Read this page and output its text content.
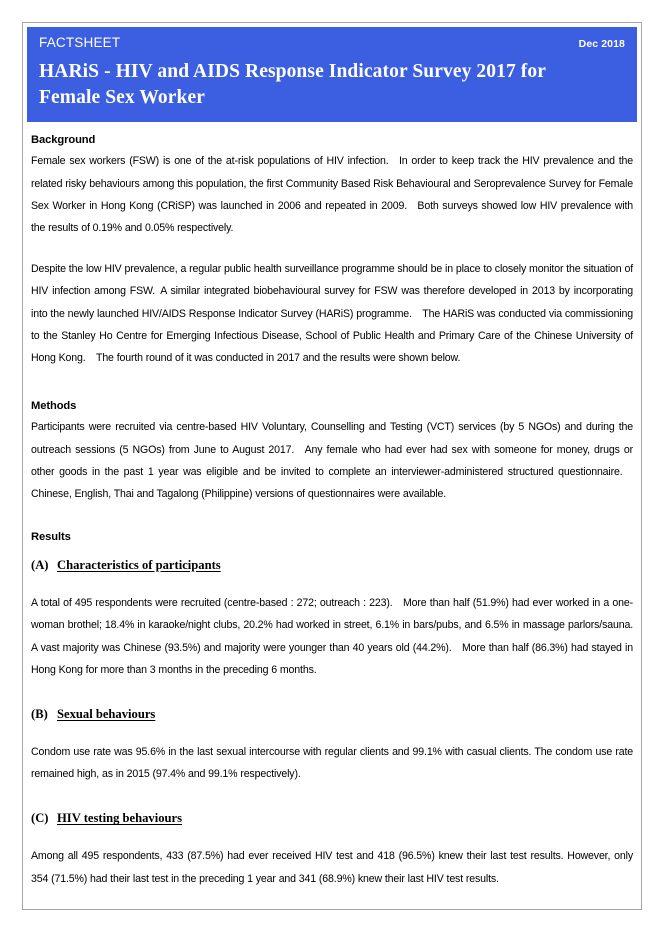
FACTSHEET	Dec 2018
HARiS - HIV and AIDS Response Indicator Survey 2017 for Female Sex Worker
Background

Female sex workers (FSW) is one of the at-risk populations of HIV infection. In order to keep track the HIV prevalence and the related risky behaviours among this population, the first Community Based Risk Behavioural and Seroprevalence Survey for Female Sex Worker in Hong Kong (CRiSP) was launched in 2006 and repeated in 2009. Both surveys showed low HIV prevalence with the results of 0.19% and 0.05% respectively.

Despite the low HIV prevalence, a regular public health surveillance programme should be in place to closely monitor the situation of HIV infection among FSW. A similar integrated biobehavioural survey for FSW was therefore developed in 2013 by incorporating into the newly launched HIV/AIDS Response Indicator Survey (HARiS) programme. The HARiS was conducted via commissioning to the Stanley Ho Centre for Emerging Infectious Disease, School of Public Health and Primary Care of the Chinese University of Hong Kong. The fourth round of it was conducted in 2017 and the results were shown below.

Methods

Participants were recruited via centre-based HIV Voluntary, Counselling and Testing (VCT) services (by 5 NGOs) and during the outreach sessions (5 NGOs) from June to August 2017. Any female who had ever had sex with someone for money, drugs or other goods in the past 1 year was eligible and be invited to complete an interviewer-administered structured questionnaire. Chinese, English, Thai and Tagalong (Philippine) versions of questionnaires were available.

Results

(A) Characteristics of participants

A total of 495 respondents were recruited (centre-based : 272; outreach : 223). More than half (51.9%) had ever worked in a one-woman brothel; 18.4% in karaoke/night clubs, 20.2% had worked in street, 6.1% in bars/pubs, and 6.5% in massage parlors/sauna. A vast majority was Chinese (93.5%) and majority were younger than 40 years old (44.2%). More than half (86.3%) had stayed in Hong Kong for more than 3 months in the preceding 6 months.

(B) Sexual behaviours

Condom use rate was 95.6% in the last sexual intercourse with regular clients and 99.1% with casual clients. The condom use rate remained high, as in 2015 (97.4% and 99.1% respectively).

(C) HIV testing behaviours

Among all 495 respondents, 433 (87.5%) had ever received HIV test and 418 (96.5%) knew their last test results. However, only 354 (71.5%) had their last test in the preceding 1 year and 341 (68.9%) knew their last HIV test results.
